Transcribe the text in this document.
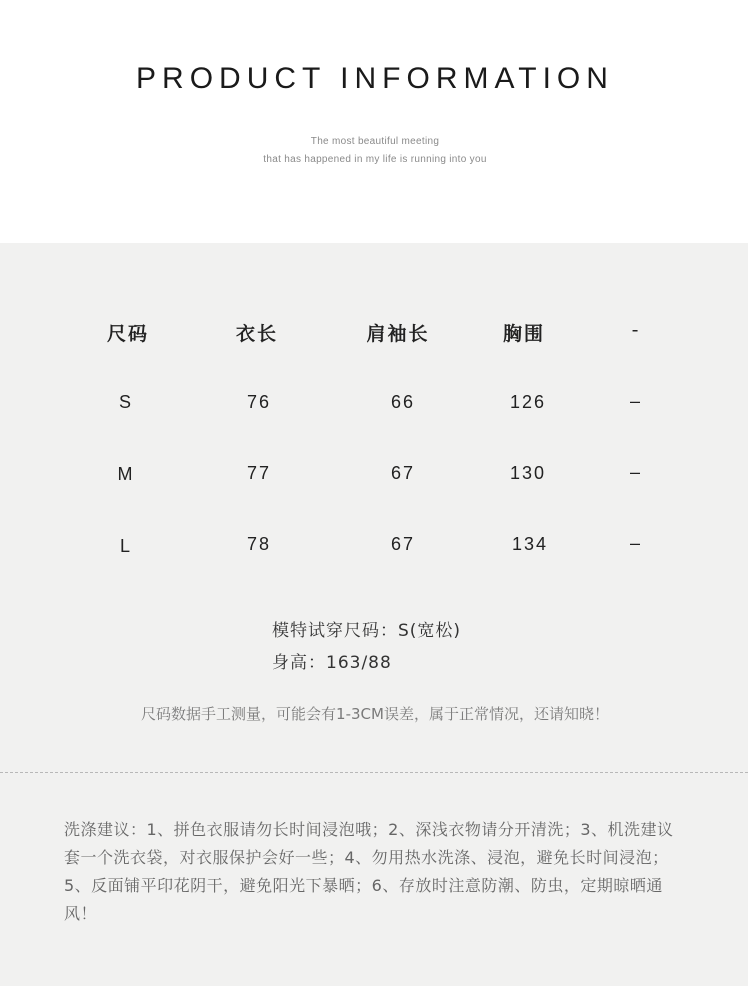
PRODUCT INFORMATION
The most beautiful meeting
that has happened in my life is running into you
尺码	衣长	肩袖长	胸围	-
S	76	66	126	–
M	77	67	130	–
L	78	67	134	–
模特试穿尺码：S(宽松)
身高：163/88
尺码数据手工测量，可能会有1-3CM误差，属于正常情况，还请知晓！
洗涤建议：1、拼色衣服请勿长时间浸泡哦；2、深浅衣物请分开清洗；3、机洗建议套一个洗衣袋，对衣服保护会好一些；4、勿用热水洗涤、浸泡，避免长时间浸泡；5、反面铺平印花阴干，避免阳光下暴晒；6、存放时注意防潮、防虫，定期晾晒通风！
